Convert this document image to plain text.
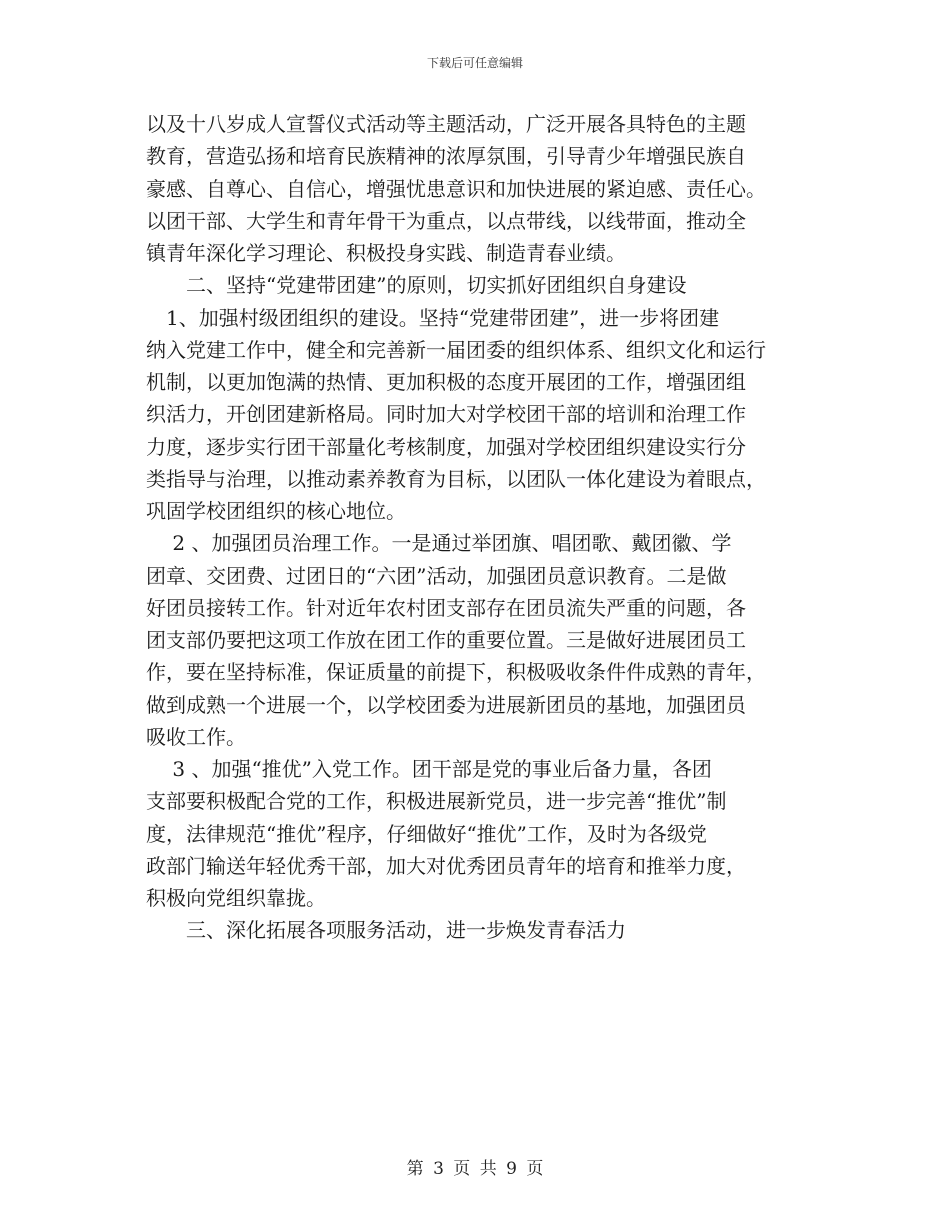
下载后可任意编辑
以及十八岁成人宣誓仪式活动等主题活动，广泛开展各具特色的主题
教育，营造弘扬和培育民族精神的浓厚氛围，引导青少年增强民族自
豪感、自尊心、自信心，增强忧患意识和加快进展的紧迫感、责任心。
以团干部、大学生和青年骨干为重点，以点带线，以线带面，推动全
镇青年深化学习理论、积极投身实践、制造青春业绩。
　　二、坚持“党建带团建”的原则，切实抓好团组织自身建设
　1、加强村级团组织的建设。坚持“党建带团建”，进一步将团建
纳入党建工作中，健全和完善新一届团委的组织体系、组织文化和运行
机制，以更加饱满的热情、更加积极的态度开展团的工作，增强团组
织活力，开创团建新格局。同时加大对学校团干部的培训和治理工作
力度，逐步实行团干部量化考核制度，加强对学校团组织建设实行分
类指导与治理，以推动素养教育为目标，以团队一体化建设为着眼点，
巩固学校团组织的核心地位。
　 2 、加强团员治理工作。一是通过举团旗、唱团歌、戴团徽、学
团章、交团费、过团日的“六团”活动，加强团员意识教育。二是做
好团员接转工作。针对近年农村团支部存在团员流失严重的问题，各
团支部仍要把这项工作放在团工作的重要位置。三是做好进展团员工
作，要在坚持标准，保证质量的前提下，积极吸收条件件成熟的青年，
做到成熟一个进展一个，以学校团委为进展新团员的基地，加强团员
吸收工作。
　 3 、加强“推优”入党工作。团干部是党的事业后备力量，各团
支部要积极配合党的工作，积极进展新党员，进一步完善“推优”制
度，法律规范“推优”程序，仔细做好“推优”工作，及时为各级党
政部门输送年轻优秀干部，加大对优秀团员青年的培育和推举力度，
积极向党组织靠拢。
　　三、深化拓展各项服务活动，进一步焕发青春活力
第 3 页 共 9 页
